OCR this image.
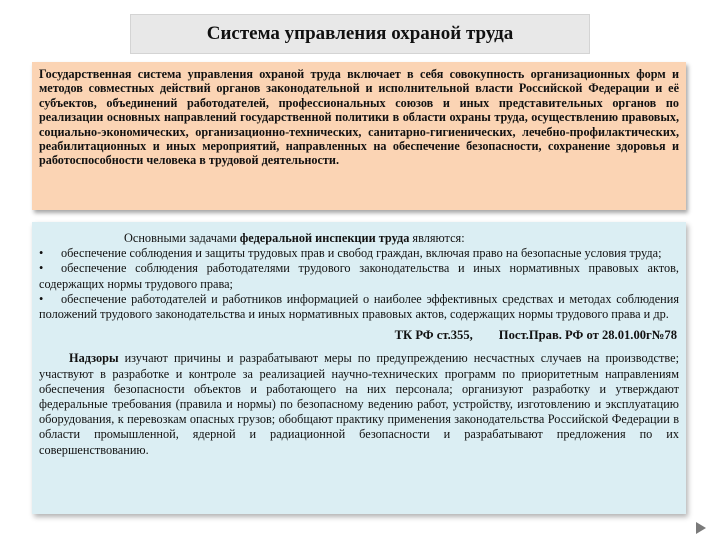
Система управления охраной труда
Государственная система управления охраной труда включает в себя совокупность организационных форм и методов совместных действий органов законодательной и исполнительной власти Российской Федерации и её субъектов, объединений работодателей, профессиональных союзов и иных представительных органов по реализации основных направлений государственной политики в области охраны труда, осуществлению правовых, социально-экономических, организационно-технических, санитарно-гигиенических, лечебно-профилактических, реабилитационных и иных мероприятий, направленных на обеспечение безопасности, сохранение здоровья и работоспособности человека в трудовой деятельности.

Основными задачами федеральной инспекции труда являются:

• обеспечение соблюдения и защиты трудовых прав и свобод граждан, включая право на безопасные условия труда;

• обеспечение соблюдения работодателями трудового законодательства и иных нормативных правовых актов, содержащих нормы трудового права;

• обеспечение работодателей и работников информацией о наиболее эффективных средствах и методах соблюдения положений трудового законодательства и иных нормативных правовых актов, содержащих нормы трудового права и др.

ТК РФ ст.355, Пост.Прав. РФ от 28.01.00г№78

Надзоры изучают причины и разрабатывают меры по предупреждению несчастных случаев на производстве; участвуют в разработке и контроле за реализацией научно-технических программ по приоритетным направлениям обеспечения безопасности объектов и работающего на них персонала; организуют разработку и утверждают федеральные требования (правила и нормы) по безопасному ведению работ, устройству, изготовлению и эксплуатацию оборудования, к перевозкам опасных грузов; обобщают практику применения законодательства Российской Федерации в области промышленной, ядерной и радиационной безопасности и разрабатывают предложения по их совершенствованию.
